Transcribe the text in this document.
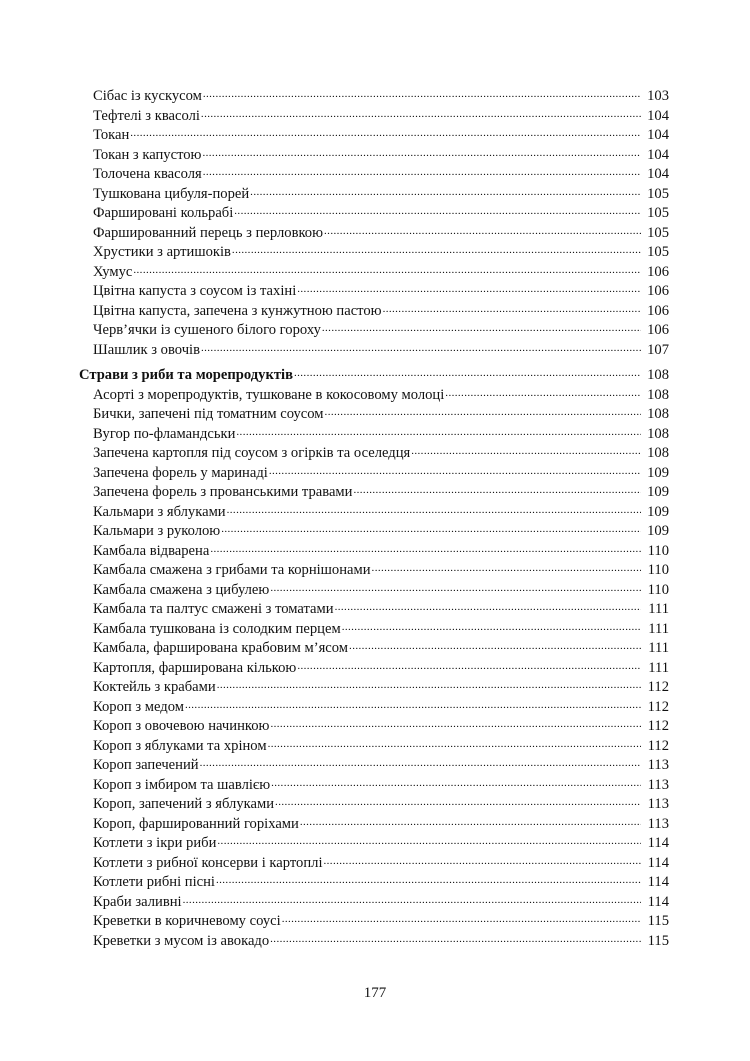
Сібас із кускусом .....	103
Тефтелі з квасолі .....	104
Токан .....	104
Токан з капустою .....	104
Толочена квасоля .....	104
Тушкована цибуля-порей .....	105
Фаршировані кольрабі .....	105
Фаршированний перець з перловкою .....	105
Хрустики з артишоків .....	105
Хумус .....	106
Цвітна капуста з соусом із тахіні .....	106
Цвітна капуста, запечена з кунжутною пастою .....	106
Черв’ячки із сушеного білого гороху .....	106
Шашлик з овочів .....	107
Страви з риби та морепродуктів .....	108
Асорті з морепродуктів, тушковане в кокосовому молоці .....	108
Бички, запечені під томатним соусом .....	108
Вугор по-фламандськи .....	108
Запечена картопля під соусом з огірків та оселедця .....	108
Запечена форель у маринаді .....	109
Запечена форель з прованськими травами .....	109
Кальмари з яблуками .....	109
Кальмари з руколою .....	109
Камбала відварена .....	110
Камбала смажена з грибами та корнішонами .....	110
Камбала смажена з цибулею .....	110
Камбала та палтус смажені з томатами .....	111
Камбала тушкована із солодким перцем .....	111
Камбала, фарширована крабовим м’ясом .....	111
Картопля, фарширована кількою .....	111
Коктейль з крабами .....	112
Короп з медом .....	112
Короп з овочевою начинкою .....	112
Короп з яблуками та хріном .....	112
Короп запечений .....	113
Короп з імбиром та шавлією .....	113
Короп, запечений з яблуками .....	113
Короп, фаршированний горіхами .....	113
Котлети з ікри риби .....	114
Котлети з рибної консерви і картоплі .....	114
Котлети рибні пісні .....	114
Краби заливні .....	114
Креветки в коричневому соусі .....	115
Креветки з мусом із авокадо .....	115
177
